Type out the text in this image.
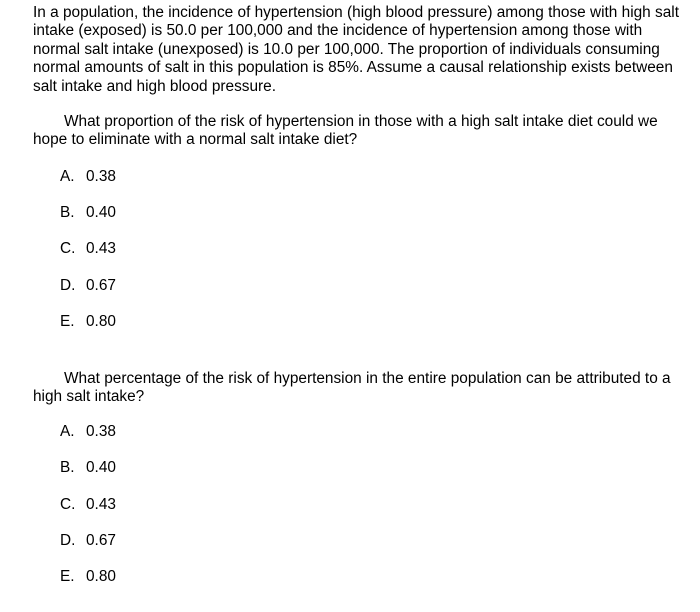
In a population, the incidence of hypertension (high blood pressure) among those with high salt intake (exposed) is 50.0 per 100,000 and the incidence of hypertension among those with normal salt intake (unexposed) is 10.0 per 100,000. The proportion of individuals consuming normal amounts of salt in this population is 85%. Assume a causal relationship exists between salt intake and high blood pressure.

What proportion of the risk of hypertension in those with a high salt intake diet could we hope to eliminate with a normal salt intake diet?

A. 0.38
B. 0.40
C. 0.43
D. 0.67
E. 0.80

What percentage of the risk of hypertension in the entire population can be attributed to a high salt intake?

A. 0.38
B. 0.40
C. 0.43
D. 0.67
E. 0.80
